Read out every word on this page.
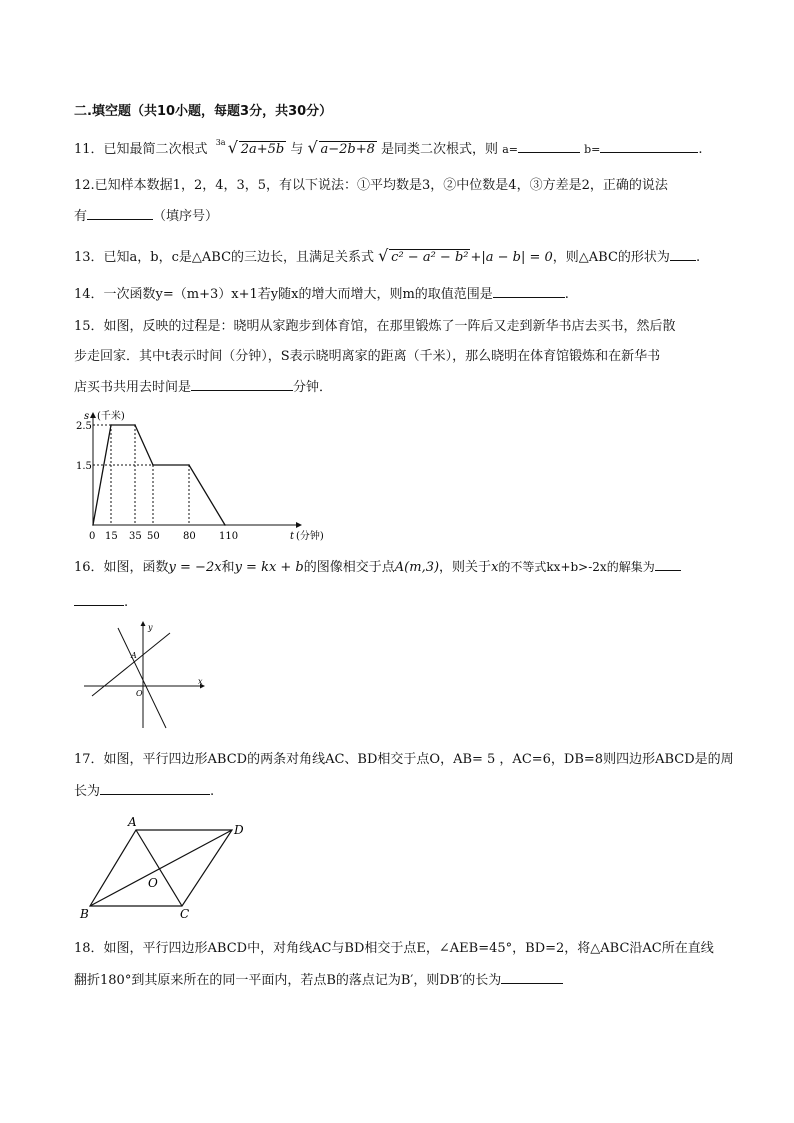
二.填空题（共10小题，每题3分，共30分）
11．已知最简二次根式 3a √ 2a+5b 与 √ a−2b+8 是同类二次根式，则 a=	b=	.
12.已知样本数据1，2，4，3，5，有以下说法：①平均数是3，②中位数是4，③方差是2，正确的说法
有	（填序号）
13．已知a，b，c是△ABC的三边长，且满足关系式 √ c² − a² − b² +|a − b| = 0，则△ABC的形状为 .
14．一次函数y=（m+3）x+1若y随x的增大而增大，则m的取值范围是	.
15．如图，反映的过程是：晓明从家跑步到体育馆，在那里锻炼了一阵后又走到新华书店去买书，然后散
步走回家．其中t表示时间（分钟），S表示晓明离家的距离（千米），那么晓明在体育馆锻炼和在新华书
店买书共用去时间是	分钟．
15 35 50 80 110
2.5
1.5
s (千米)
0	t (分钟)
16．如图，函数y = −2x和y = kx + b的图像相交于点A(m,3)，则关于x的不等式kx+b>-2x的解集为
.
y
x
O
A
17．如图，平行四边形ABCD的两条对角线AC、BD相交于点O，AB= 5 ，AC=6，DB=8则四边形ABCD是的周
长为	.
A
D
B	C
O
18．如图，平行四边形ABCD中，对角线AC与BD相交于点E，∠AEB=45°，BD=2，将△ABC沿AC所在直线
翻折180°到其原来所在的同一平面内，若点B的落点记为B′，则DB′的长为
